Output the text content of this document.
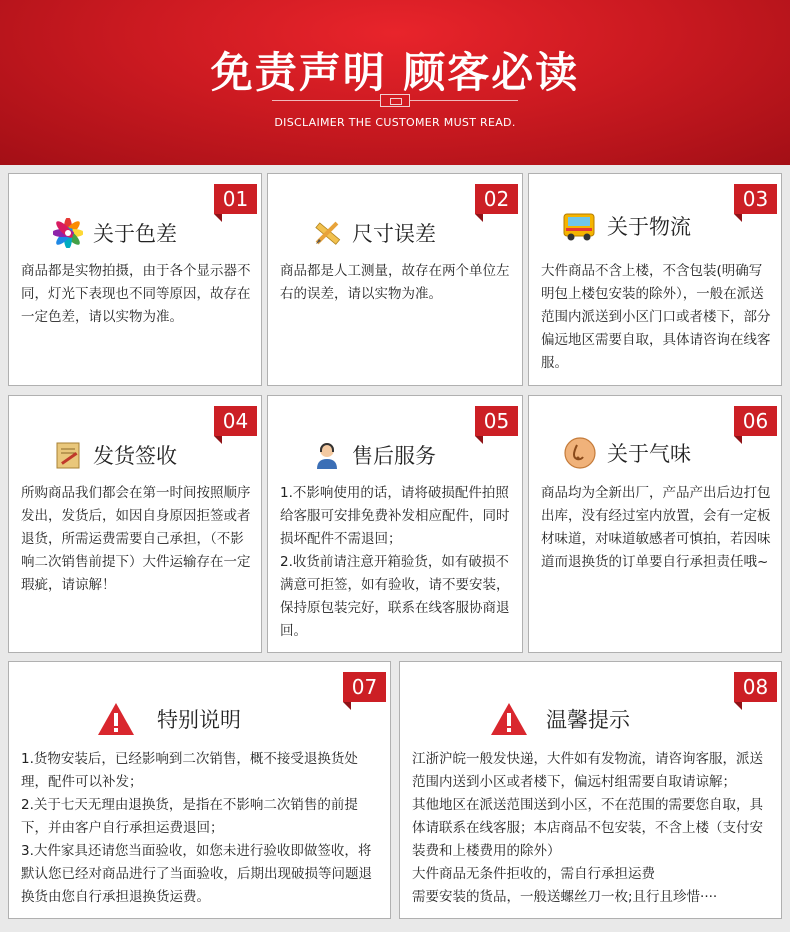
免责声明 顾客必读
DISCLAIMER THE CUSTOMER MUST READ.
01
关于色差

商品都是实物拍摄，由于各个显示器不同，灯光下表现也不同等原因，故存在一定色差，请以实物为准。

02
尺寸误差

商品都是人工测量，故存在两个单位左右的误差，请以实物为准。

03
关于物流

大件商品不含上楼，不含包装(明确写明包上楼包安装的除外），一般在派送范围内派送到小区门口或者楼下，部分偏远地区需要自取，具体请咨询在线客服。

04
发货签收

所购商品我们都会在第一时间按照顺序发出，发货后，如因自身原因拒签或者退货，所需运费需要自己承担，（不影响二次销售前提下）大件运输存在一定瑕疵，请谅解！

05
售后服务

1.不影响使用的话，请将破损配件拍照给客服可安排免费补发相应配件，同时损坏配件不需退回；

2.收货前请注意开箱验货，如有破损不满意可拒签，如有验收，请不要安装，保持原包装完好，联系在线客服协商退回。

06
关于气味

商品均为全新出厂，产品产出后边打包出库，没有经过室内放置，会有一定板材味道，对味道敏感者可慎拍，若因味道而退换货的订单要自行承担责任哦~

07
特别说明

1.货物安装后，已经影响到二次销售，概不接受退换货处理，配件可以补发；

2.关于七天无理由退换货，是指在不影响二次销售的前提下，并由客户自行承担运费退回；

3.大件家具还请您当面验收，如您未进行验收即做签收，将默认您已经对商品进行了当面验收，后期出现破损等问题退换货由您自行承担退换货运费。

08
温馨提示

江浙沪皖一般发快递，大件如有发物流，请咨询客服，派送范围内送到小区或者楼下，偏远村组需要自取请谅解；

其他地区在派送范围送到小区，不在范围的需要您自取，具体请联系在线客服；本店商品不包安装，不含上楼（支付安装费和上楼费用的除外）

大件商品无条件拒收的，需自行承担运费

需要安装的货品，一般送螺丝刀一枚;且行且珍惜····
